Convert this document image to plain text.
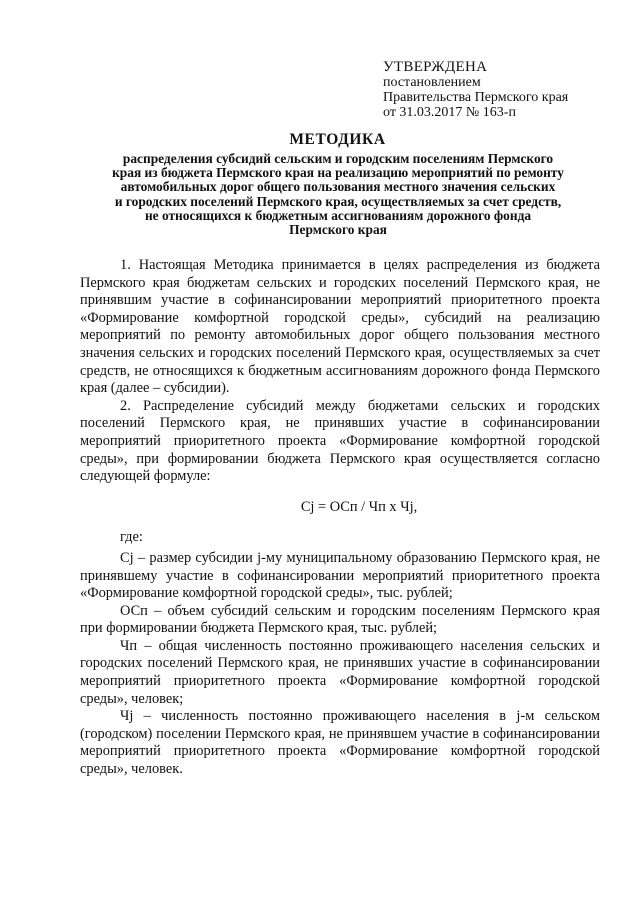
УТВЕРЖДЕНА
постановлением
Правительства Пермского края
от 31.03.2017 № 163-п
МЕТОДИКА
распределения субсидий сельским и городским поселениям Пермского
края из бюджета Пермского края на реализацию мероприятий по ремонту
автомобильных дорог общего пользования местного значения сельских
и городских поселений Пермского края, осуществляемых за счет средств,
не относящихся к бюджетным ассигнованиям дорожного фонда
Пермского края

1. Настоящая Методика принимается в целях распределения из бюджета Пермского края бюджетам сельских и городских поселений Пермского края, не принявшим участие в софинансировании мероприятий приоритетного проекта «Формирование комфортной городской среды», субсидий на реализацию мероприятий по ремонту автомобильных дорог общего пользования местного значения сельских и городских поселений Пермского края, осуществляемых за счет средств, не относящихся к бюджетным ассигнованиям дорожного фонда Пермского края (далее – субсидии).

2. Распределение субсидий между бюджетами сельских и городских поселений Пермского края, не принявших участие в софинансировании мероприятий приоритетного проекта «Формирование комфортной городской среды», при формировании бюджета Пермского края осуществляется согласно следующей формуле:

Cj = ОСп / Чп х Чj,

где:

Cj – размер субсидии j-му муниципальному образованию Пермского края, не принявшему участие в софинансировании мероприятий приоритетного проекта «Формирование комфортной городской среды», тыс. рублей;

ОСп – объем субсидий сельским и городским поселениям Пермского края при формировании бюджета Пермского края, тыс. рублей;

Чп – общая численность постоянно проживающего населения сельских и городских поселений Пермского края, не принявших участие в софинансировании мероприятий приоритетного проекта «Формирование комфортной городской среды», человек;

Чj – численность постоянно проживающего населения в j-м сельском (городском) поселении Пермского края, не принявшем участие в софинансировании мероприятий приоритетного проекта «Формирование комфортной городской среды», человек.
